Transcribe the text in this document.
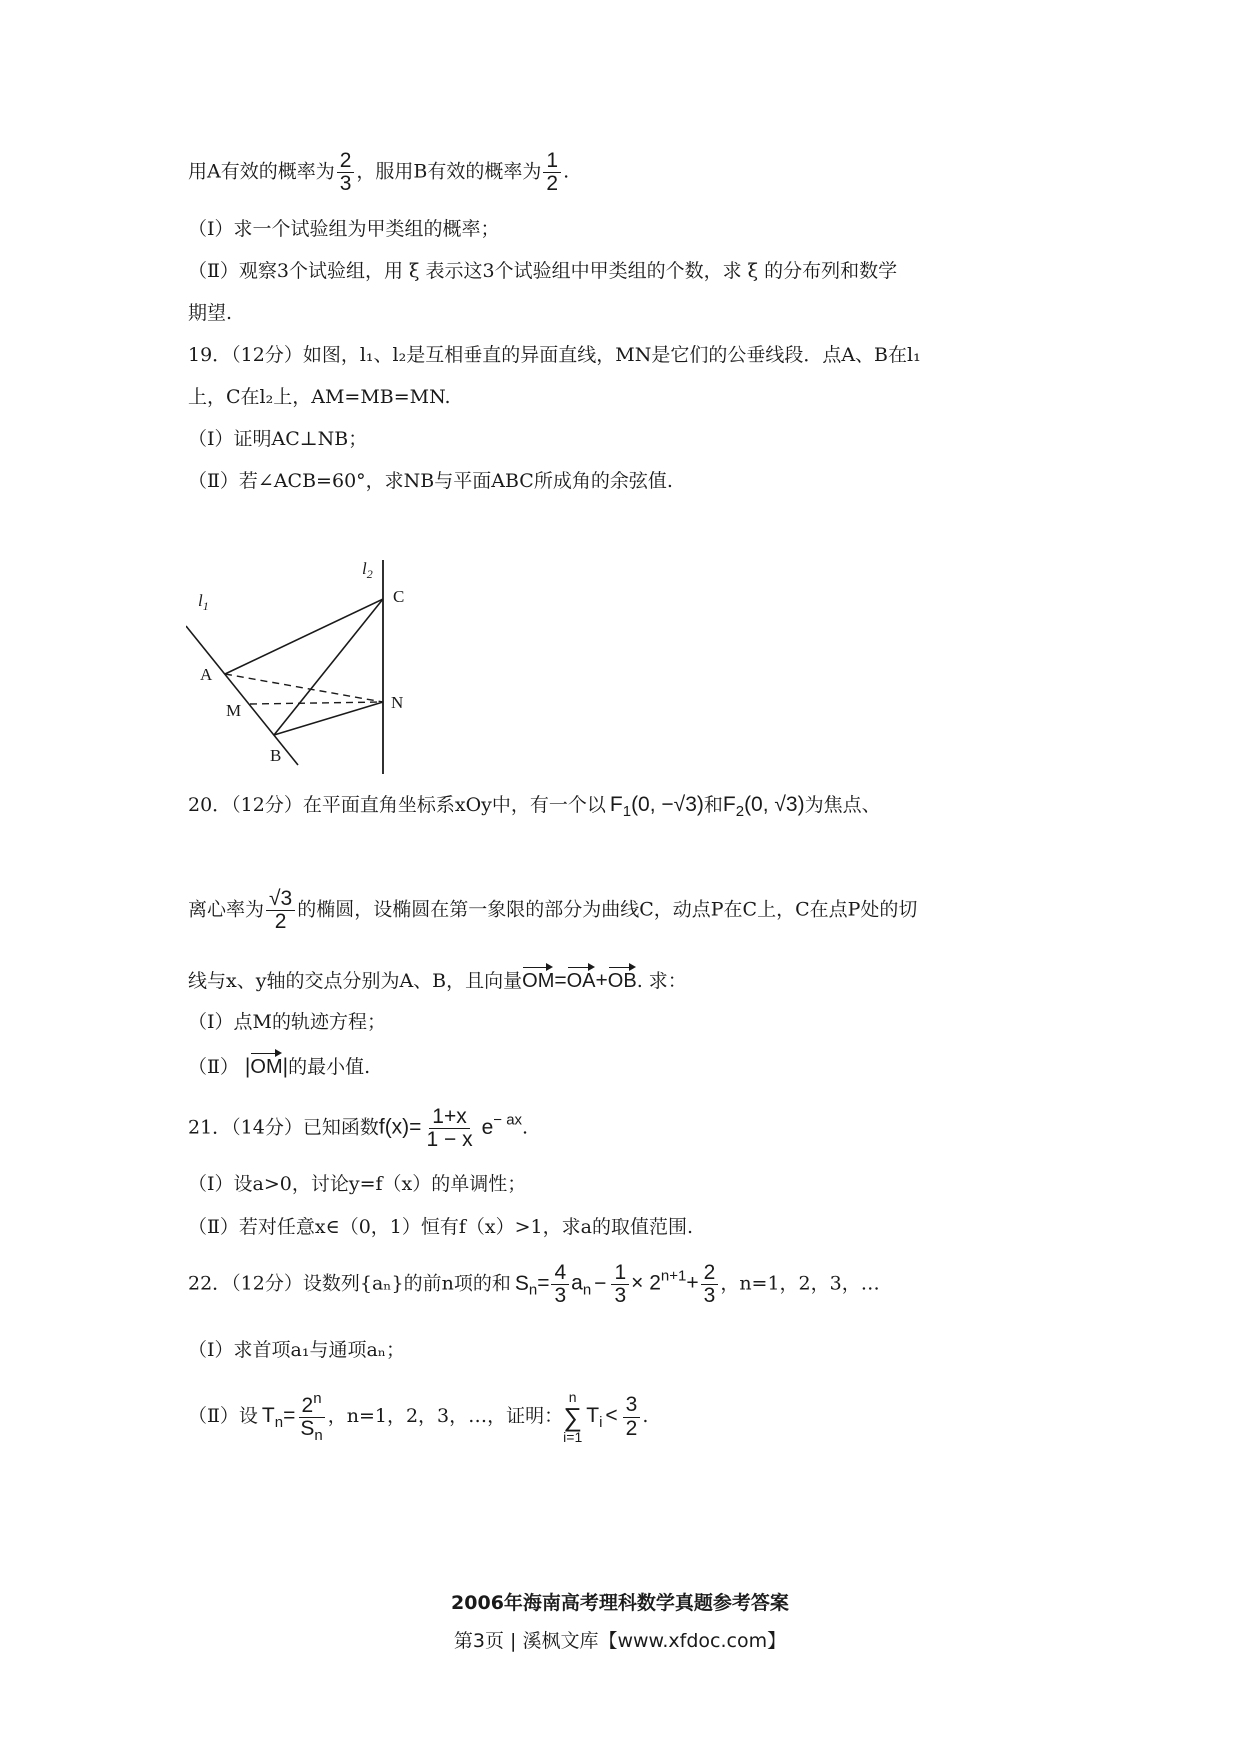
用A有效的概率为 $\frac{2}{3}$ ，服用B有效的概率为 $\frac{1}{2}$ .
（Ⅰ）求一个试验组为甲类组的概率；
（Ⅱ）观察3个试验组，用 ξ 表示这3个试验组中甲类组的个数，求 ξ 的分布列和数学
期望.
19．（12分）如图，l₁、l₂是互相垂直的异面直线，MN是它们的公垂线段．点A、B在l₁
上，C在l₂上，AM=MB=MN.
（Ⅰ）证明AC⊥NB；
（Ⅱ）若∠ACB=60°，求NB与平面ABC所成角的余弦值.
$l_2$
C
$l_1$
A
M	N
B
20．（12分）在平面直角坐标系xOy中，有一个以 $F_1(0$, −√3)和$F_2(0$, √3)为焦点、
离心率为 $\frac{√3}{2}$ 的椭圆，设椭圆在第一象限的部分为曲线C，动点P在C上，C在点P处的切
线与x、y轴的交点分别为A、B，且向量OM=OA+OB. 求：
（Ⅰ）点M的轨迹方程；
（Ⅱ） |OM|的最小值.
21．（14分）已知函数$f(x)= \frac{1+x}{1 - x} e^{- ax}$.
（Ⅰ）设a>0，讨论y=f（x）的单调性；
（Ⅱ）若对任意x∈（0，1）恒有f（x）>1，求a的取值范围.
22．（12分）设数列{aₙ}的前n项的和 $S_n= \frac{4}{3} a_n - \frac{1}{3} \times 2^{n+1}+ \frac{2}{3}$ ，n=1，2，3，…
（Ⅰ）求首项a₁与通项aₙ；
（Ⅱ）设 $T_n= \frac{2^n}{S_n}$ ，n=1，2，3，…，证明：
n
∑
i=1
$T_i < \frac{3}{2}$ .
2006年海南高考理科数学真题参考答案
第3页 | 溪枫文库【www.xfdoc.com】
